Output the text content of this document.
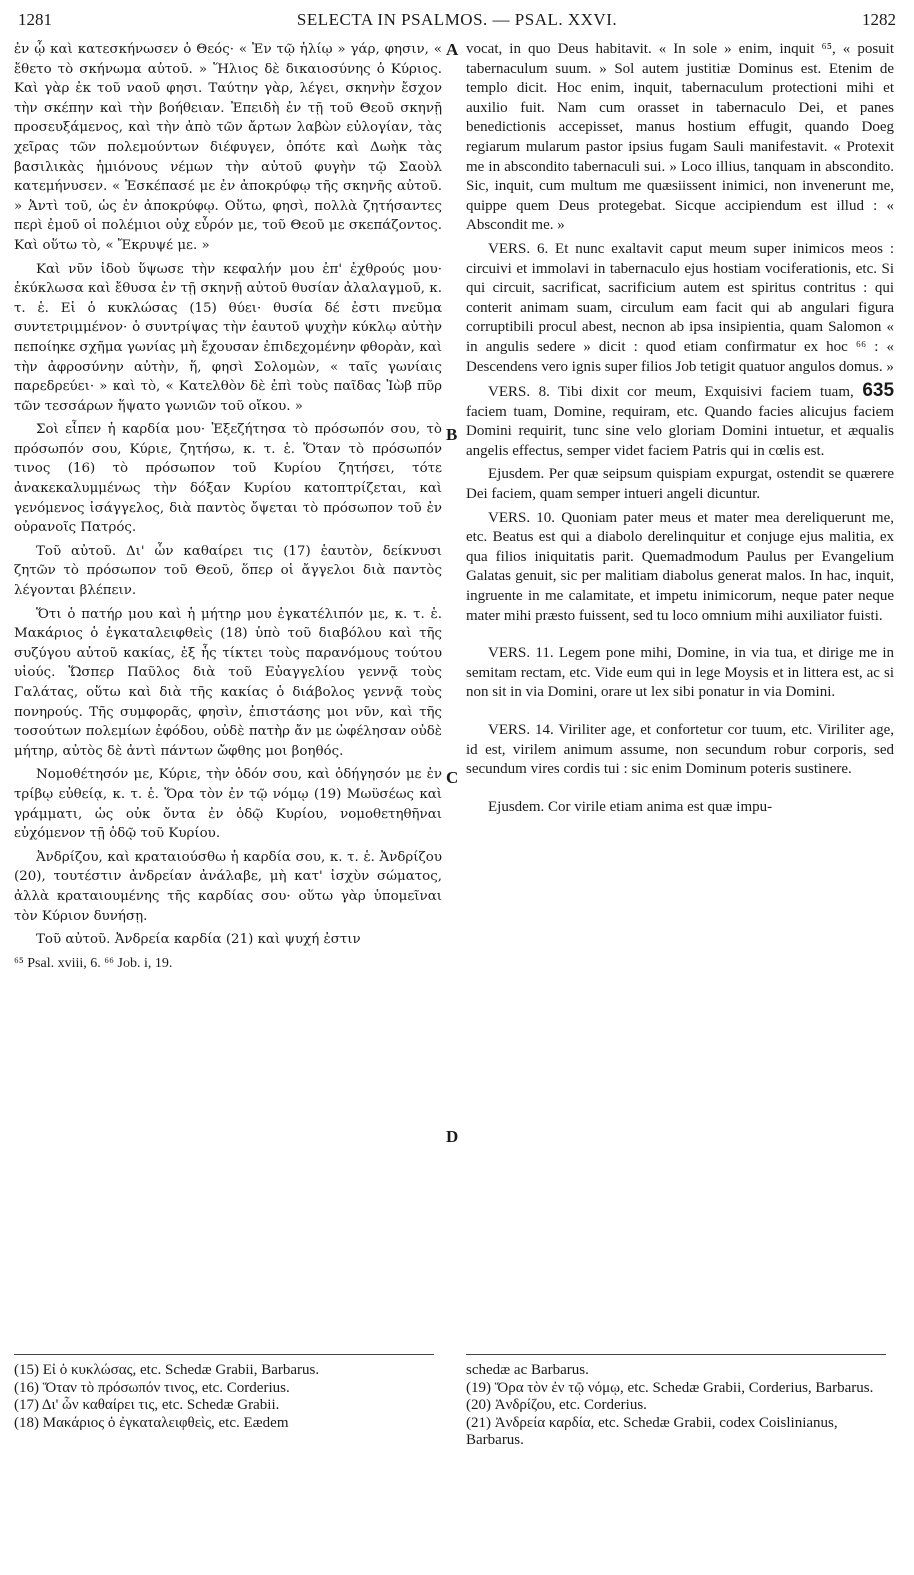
1281	SELECTA IN PSALMOS. — PSAL. XXVI.	1282
A
B
C
D

ἐν ᾧ καὶ κατεσκήνωσεν ὁ Θεός· « Ἐν τῷ ἡλίῳ » γάρ, φησιν, « ἔθετο τὸ σκήνωμα αὐτοῦ. » Ἥλιος δὲ δικαιοσύνης ὁ Κύριος. Καὶ γὰρ ἐκ τοῦ ναοῦ φησι. Ταύτην γὰρ, λέγει, σκηνὴν ἔσχον τὴν σκέπην καὶ τὴν βοήθειαν. Ἐπειδὴ ἐν τῇ τοῦ Θεοῦ σκηνῇ προσευξάμενος, καὶ τὴν ἀπὸ τῶν ἄρτων λαβὼν εὐλογίαν, τὰς χεῖρας τῶν πολεμούντων διέφυγεν, ὁπότε καὶ Δωὴκ τὰς βασιλικὰς ἡμιόνους νέμων τὴν αὐτοῦ φυγὴν τῷ Σαοὺλ κατεμήνυσεν. « Ἐσκέπασέ με ἐν ἀποκρύφῳ τῆς σκηνῆς αὐτοῦ. » Ἀντὶ τοῦ, ὡς ἐν ἀποκρύφῳ. Οὕτω, φησὶ, πολλὰ ζητήσαντες περὶ ἐμοῦ οἱ πολέμιοι οὐχ εὗρόν με, τοῦ Θεοῦ με σκεπάζοντος. Καὶ οὕτω τὸ, « Ἔκρυψέ με. »

Καὶ νῦν ἰδοὺ ὕψωσε τὴν κεφαλήν μου ἐπ' ἐχθρούς μου· ἐκύκλωσα καὶ ἔθυσα ἐν τῇ σκηνῇ αὐτοῦ θυσίαν ἀλαλαγμοῦ, κ. τ. ἑ. Εἰ ὁ κυκλώσας (15) θύει· θυσία δέ ἐστι πνεῦμα συντετριμμένον· ὁ συντρίψας τὴν ἑαυτοῦ ψυχὴν κύκλῳ αὐτὴν πεποίηκε σχῆμα γωνίας μὴ ἔχουσαν ἐπιδεχομένην φθορὰν, καὶ τὴν ἀφροσύνην αὐτὴν, ἥ, φησὶ Σολομὼν, « ταῖς γωνίαις παρεδρεύει· » καὶ τὸ, « Κατελθὸν δὲ ἐπὶ τοὺς παῖδας Ἰὼβ πῦρ τῶν τεσσάρων ἥψατο γωνιῶν τοῦ οἴκου. »

Σοὶ εἶπεν ἡ καρδία μου· Ἐξεζήτησα τὸ πρόσωπόν σου, τὸ πρόσωπόν σου, Κύριε, ζητήσω, κ. τ. ἑ. Ὅταν τὸ πρόσωπόν τινος (16) τὸ πρόσωπον τοῦ Κυρίου ζητήσει, τότε ἀνακεκαλυμμένως τὴν δόξαν Κυρίου κατοπτρίζεται, καὶ γενόμενος ἰσάγγελος, διὰ παντὸς ὄψεται τὸ πρόσωπον τοῦ ἐν οὐρανοῖς Πατρός.

Τοῦ αὐτοῦ. Δι' ὧν καθαίρει τις (17) ἑαυτὸν, δείκνυσι ζητῶν τὸ πρόσωπον τοῦ Θεοῦ, ὅπερ οἱ ἄγγελοι διὰ παντὸς λέγονται βλέπειν.

Ὅτι ὁ πατήρ μου καὶ ἡ μήτηρ μου ἐγκατέλιπόν με, κ. τ. ἑ. Μακάριος ὁ ἐγκαταλειφθεὶς (18) ὑπὸ τοῦ διαβόλου καὶ τῆς συζύγου αὐτοῦ κακίας, ἐξ ἧς τίκτει τοὺς παρανόμους τούτου υἱούς. Ὥσπερ Παῦλος διὰ τοῦ Εὐαγγελίου γεννᾷ τοὺς Γαλάτας, οὕτω καὶ διὰ τῆς κακίας ὁ διάβολος γεννᾷ τοὺς πονηρούς. Τῆς συμφορᾶς, φησὶν, ἐπιστάσης μοι νῦν, καὶ τῆς τοσούτων πολεμίων ἐφόδου, οὐδὲ πατὴρ ἄν με ὠφέλησαν οὐδὲ μήτηρ, αὐτὸς δὲ ἀντὶ πάντων ὤφθης μοι βοηθός.

Νομοθέτησόν με, Κύριε, τὴν ὁδόν σου, καὶ ὁδήγησόν με ἐν τρίβῳ εὐθείᾳ, κ. τ. ἑ. Ὅρα τὸν ἐν τῷ νόμῳ (19) Μωϋσέως καὶ γράμματι, ὡς οὐκ ὄντα ἐν ὁδῷ Κυρίου, νομοθετηθῆναι εὐχόμενον τῇ ὁδῷ τοῦ Κυρίου.

Ἀνδρίζου, καὶ κραταιούσθω ἡ καρδία σου, κ. τ. ἑ. Ἀνδρίζου (20), τουτέστιν ἀνδρείαν ἀνάλαβε, μὴ κατ' ἰσχὺν σώματος, ἀλλὰ κραταιουμένης τῆς καρδίας σου· οὕτω γὰρ ὑπομεῖναι τὸν Κύριον δυνήσῃ.

Τοῦ αὐτοῦ. Ἀνδρεία καρδία (21) καὶ ψυχή ἐστιν

⁶⁵ Psal. xviii, 6. ⁶⁶ Job. i, 19.

vocat, in quo Deus habitavit. « In sole » enim, inquit ⁶⁵, « posuit tabernaculum suum. » Sol autem justitiæ Dominus est. Etenim de templo dicit. Hoc enim, inquit, tabernaculum protectioni mihi et auxilio fuit. Nam cum orasset in tabernaculo Dei, et panes benedictionis accepisset, manus hostium effugit, quando Doeg regiarum mularum pastor ipsius fugam Sauli manifestavit. « Protexit me in abscondito tabernaculi sui. » Loco illius, tanquam in abscondito. Sic, inquit, cum multum me quæsiissent inimici, non invenerunt me, quippe quem Deus protegebat. Sicque accipiendum est illud : « Abscondit me. »

VERS. 6. Et nunc exaltavit caput meum super inimicos meos : circuivi et immolavi in tabernaculo ejus hostiam vociferationis, etc. Si qui circuit, sacrificat, sacrificium autem est spiritus contritus : qui conterit animam suam, circulum eam facit qui ab angulari figura corruptibili procul abest, necnon ab ipsa insipientia, quam Salomon « in angulis sedere » dicit : quod etiam confirmatur ex hoc ⁶⁶ : « Descendens vero ignis super filios Job tetigit quatuor angulos domus. »

VERS. 8. Tibi dixit cor meum, Exquisivi faciem tuam, 635 faciem tuam, Domine, requiram, etc. Quando facies alicujus faciem Domini requirit, tunc sine velo gloriam Domini intuetur, et æqualis angelis effectus, semper videt faciem Patris qui in cœlis est.

Ejusdem. Per quæ seipsum quispiam expurgat, ostendit se quærere Dei faciem, quam semper intueri angeli dicuntur.

VERS. 10. Quoniam pater meus et mater mea dereliquerunt me, etc. Beatus est qui a diabolo derelinquitur et conjuge ejus malitia, ex qua filios iniquitatis parit. Quemadmodum Paulus per Evangelium Galatas genuit, sic per malitiam diabolus generat malos. In hac, inquit, ingruente in me calamitate, et impetu inimicorum, neque pater neque mater mihi præsto fuissent, sed tu loco omnium mihi auxiliator fuisti.

VERS. 11. Legem pone mihi, Domine, in via tua, et dirige me in semitam rectam, etc. Vide eum qui in lege Moysis et in littera est, ac si non sit in via Domini, orare ut lex sibi ponatur in via Domini.

VERS. 14. Viriliter age, et confortetur cor tuum, etc. Viriliter age, id est, virilem animum assume, non secundum robur corporis, sed secundum vires cordis tui : sic enim Dominum poteris sustinere.

Ejusdem. Cor virile etiam anima est quæ impu-

(15) Εἰ ὁ κυκλώσας, etc. Schedæ Grabii, Barbarus.
(16) Ὅταν τὸ πρόσωπόν τινος, etc. Corderius.
(17) Δι' ὧν καθαίρει τις, etc. Schedæ Grabii.
(18) Μακάριος ὁ ἐγκαταλειφθεὶς, etc. Eædem
schedæ ac Barbarus.
(19) Ὅρα τὸν ἐν τῷ νόμῳ, etc. Schedæ Grabii, Corderius, Barbarus.
(20) Ἀνδρίζου, etc. Corderius.
(21) Ἀνδρεία καρδία, etc. Schedæ Grabii, codex Coislinianus, Barbarus.
